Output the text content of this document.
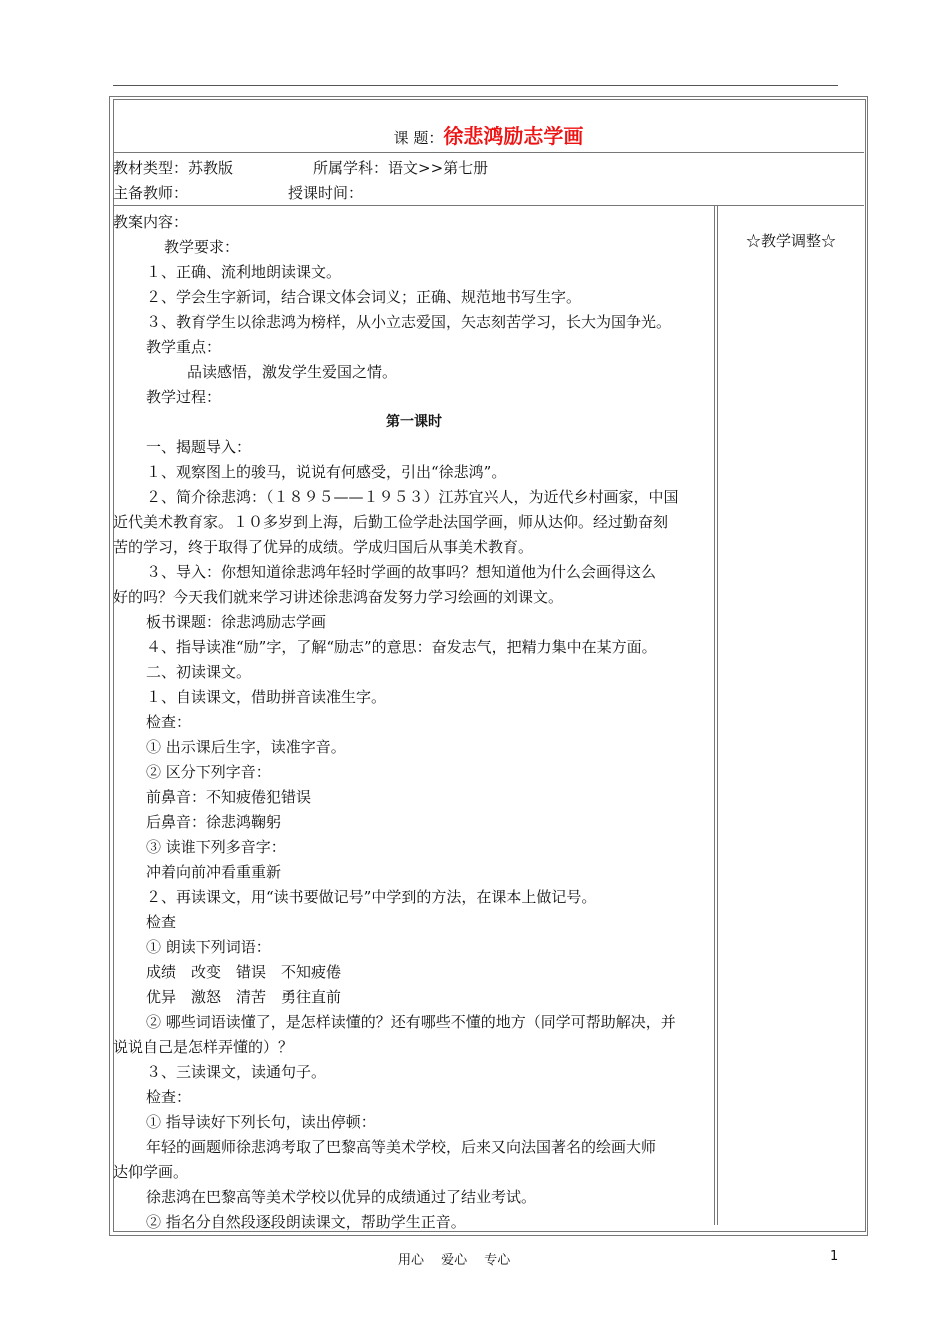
课 题：徐悲鸿励志学画
教材类型：苏教版	所属学科：语文>>第七册
主备教师：	授课时间：
教案内容：
教学要求：
１、正确、流利地朗读课文。
２、学会生字新词，结合课文体会词义；正确、规范地书写生字。
３、教育学生以徐悲鸿为榜样，从小立志爱国，矢志刻苦学习，长大为国争光。
教学重点：
品读感悟，激发学生爱国之情。
教学过程：
第一课时
一、揭题导入：
１、观察图上的骏马，说说有何感受，引出“徐悲鸿”。
２、简介徐悲鸿：（１８９５——１９５３）江苏宜兴人，为近代乡村画家，中国
近代美术教育家。１０多岁到上海，后勤工俭学赴法国学画，师从达仰。经过勤奋刻
苦的学习，终于取得了优异的成绩。学成归国后从事美术教育。
３、导入：你想知道徐悲鸿年轻时学画的故事吗？想知道他为什么会画得这么
好的吗？今天我们就来学习讲述徐悲鸿奋发努力学习绘画的刘课文。
板书课题：徐悲鸿励志学画
４、指导读准“励”字，了解“励志”的意思：奋发志气，把精力集中在某方面。
二、初读课文。
１、自读课文，借助拼音读准生字。
检查：
① 出示课后生字，读准字音。
② 区分下列字音：
前鼻音：不知疲倦犯错误
后鼻音：徐悲鸿鞠躬
③ 读谁下列多音字：
冲着向前冲看重重新
２、再读课文，用“读书要做记号”中学到的方法，在课本上做记号。
检查
① 朗读下列词语：
成绩　改变　错误　不知疲倦
优异　激怒　清苦　勇往直前
② 哪些词语读懂了，是怎样读懂的？还有哪些不懂的地方（同学可帮助解决，并
说说自己是怎样弄懂的）？
３、三读课文，读通句子。
检查：
① 指导读好下列长句，读出停顿：
年轻的画题师徐悲鸿考取了巴黎高等美术学校，后来又向法国著名的绘画大师
达仰学画。
徐悲鸿在巴黎高等美术学校以优异的成绩通过了结业考试。
② 指名分自然段逐段朗读课文，帮助学生正音。
☆教学调整☆
用心　 爱心 　专心	1
